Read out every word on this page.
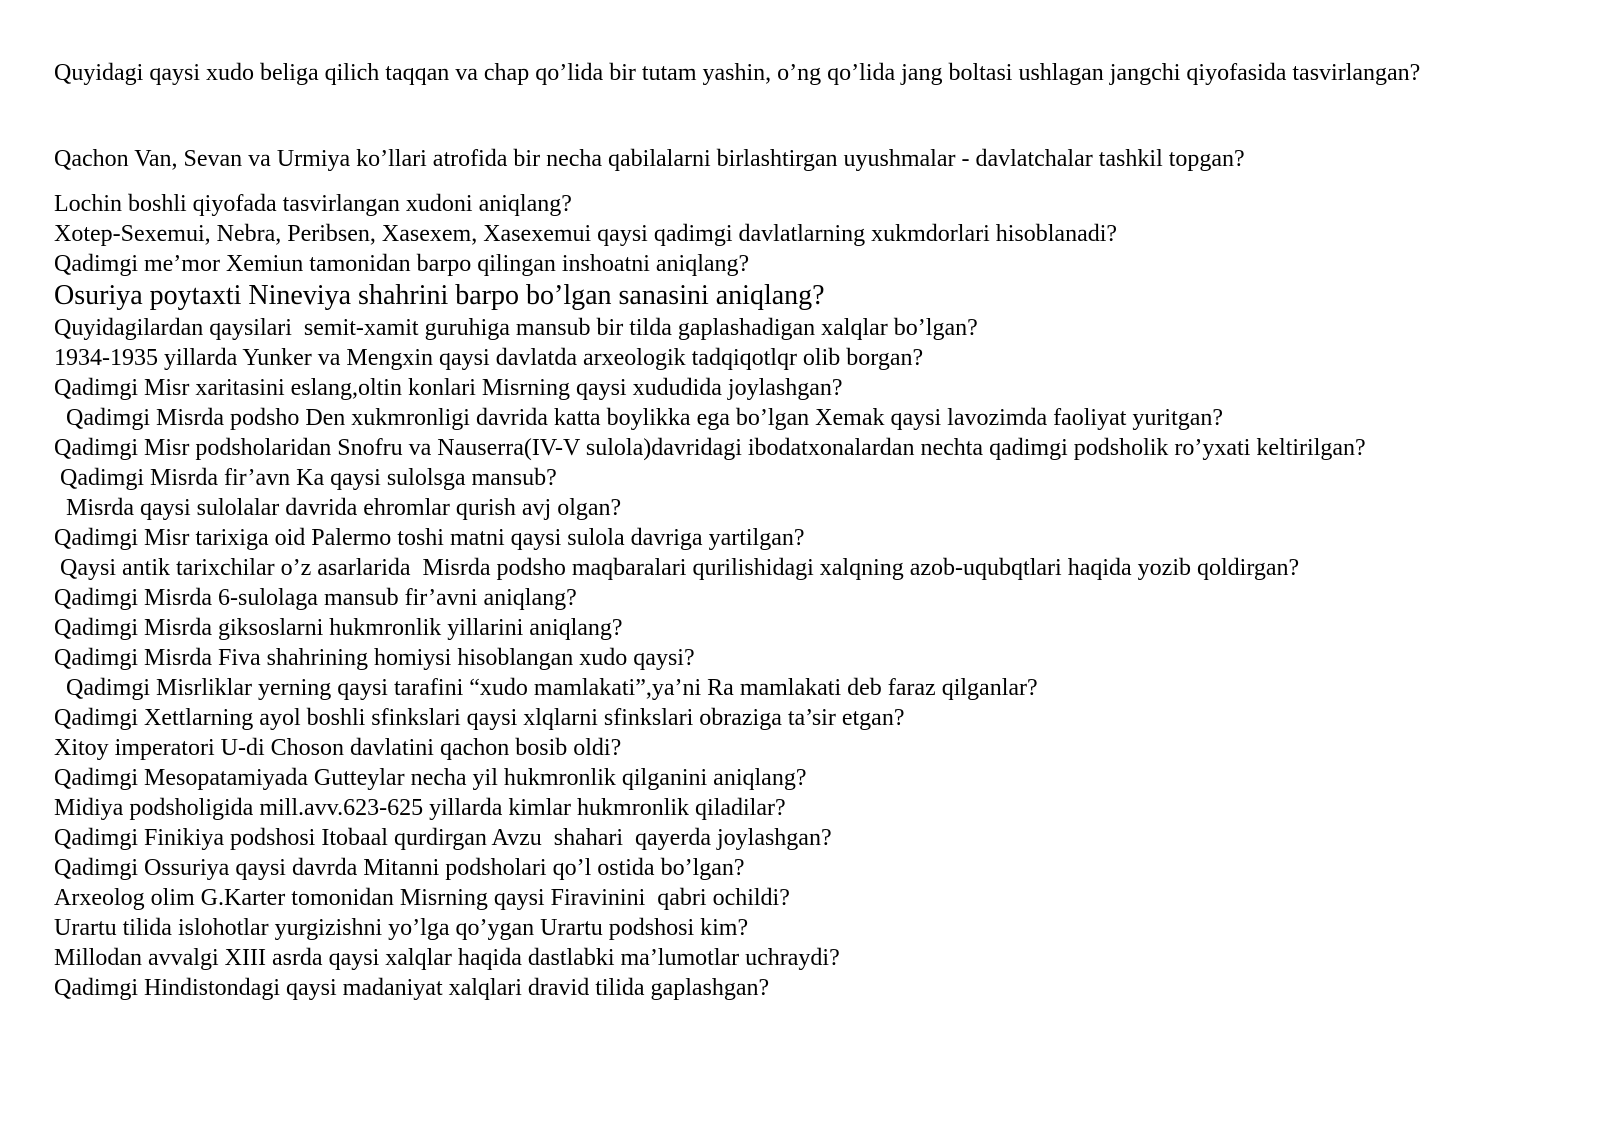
Quyidagi qaysi xudo beliga qilich taqqan va chap qo’lida bir tutam yashin, o’ng qo’lida jang boltasi ushlagan jangchi qiyofasida tasvirlangan?

Qachon Van, Sevan va Urmiya ko’llari atrofida bir necha qabilalarni birlashtirgan uyushmalar - davlatchalar tashkil topgan?

Lochin boshli qiyofada tasvirlangan xudoni aniqlang?

Xotep-Sexemui, Nebra, Peribsen, Xasexem, Xasexemui qaysi qadimgi davlatlarning xukmdorlari hisoblanadi?

Qadimgi me’mor Xemiun tamonidan barpo qilingan inshoatni aniqlang?

Osuriya poytaxti Nineviya shahrini barpo bo’lgan sanasini aniqlang?

Quyidagilardan qaysilari  semit-xamit guruhiga mansub bir tilda gaplashadigan xalqlar bo’lgan?

1934-1935 yillarda Yunker va Mengxin qaysi davlatda arxeologik tadqiqotlqr olib borgan?

Qadimgi Misr xaritasini eslang,oltin konlari Misrning qaysi xududida joylashgan?

Qadimgi Misrda podsho Den xukmronligi davrida katta boylikka ega bo’lgan Xemak qaysi lavozimda faoliyat yuritgan?

Qadimgi Misr podsholaridan Snofru va Nauserra(IV-V sulola)davridagi ibodatxonalardan nechta qadimgi podsholik ro’yxati keltirilgan?

Qadimgi Misrda fir’avn Ka qaysi sulolsga mansub?

Misrda qaysi sulolalar davrida ehromlar qurish avj olgan?

Qadimgi Misr tarixiga oid Palermo toshi matni qaysi sulola davriga yartilgan?

Qaysi antik tarixchilar o’z asarlarida  Misrda podsho maqbaralari qurilishidagi xalqning azob-uqubqtlari haqida yozib qoldirgan?

Qadimgi Misrda 6-sulolaga mansub fir’avni aniqlang?

Qadimgi Misrda giksoslarni hukmronlik yillarini aniqlang?

Qadimgi Misrda Fiva shahrining homiysi hisoblangan xudo qaysi?

Qadimgi Misrliklar yerning qaysi tarafini “xudo mamlakati”,ya’ni Ra mamlakati deb faraz qilganlar?

Qadimgi Xettlarning ayol boshli sfinkslari qaysi xlqlarni sfinkslari obraziga ta’sir etgan?

Xitoy imperatori U-di Choson davlatini qachon bosib oldi?

Qadimgi Mesopatamiyada Gutteylar necha yil hukmronlik qilganini aniqlang?

Midiya podsholigida mill.avv.623-625 yillarda kimlar hukmronlik qiladilar?

Qadimgi Finikiya podshosi Itobaal qurdirgan Avzu  shahari  qayerda joylashgan?

Qadimgi Ossuriya qaysi davrda Mitanni podsholari qo’l ostida bo’lgan?

Arxeolog olim G.Karter tomonidan Misrning qaysi Firavinini  qabri ochildi?

Urartu tilida islohotlar yurgizishni yo’lga qo’ygan Urartu podshosi kim?

Millodan avvalgi XIII asrda qaysi xalqlar haqida dastlabki ma’lumotlar uchraydi?

Qadimgi Hindistondagi qaysi madaniyat xalqlari dravid tilida gaplashgan?
